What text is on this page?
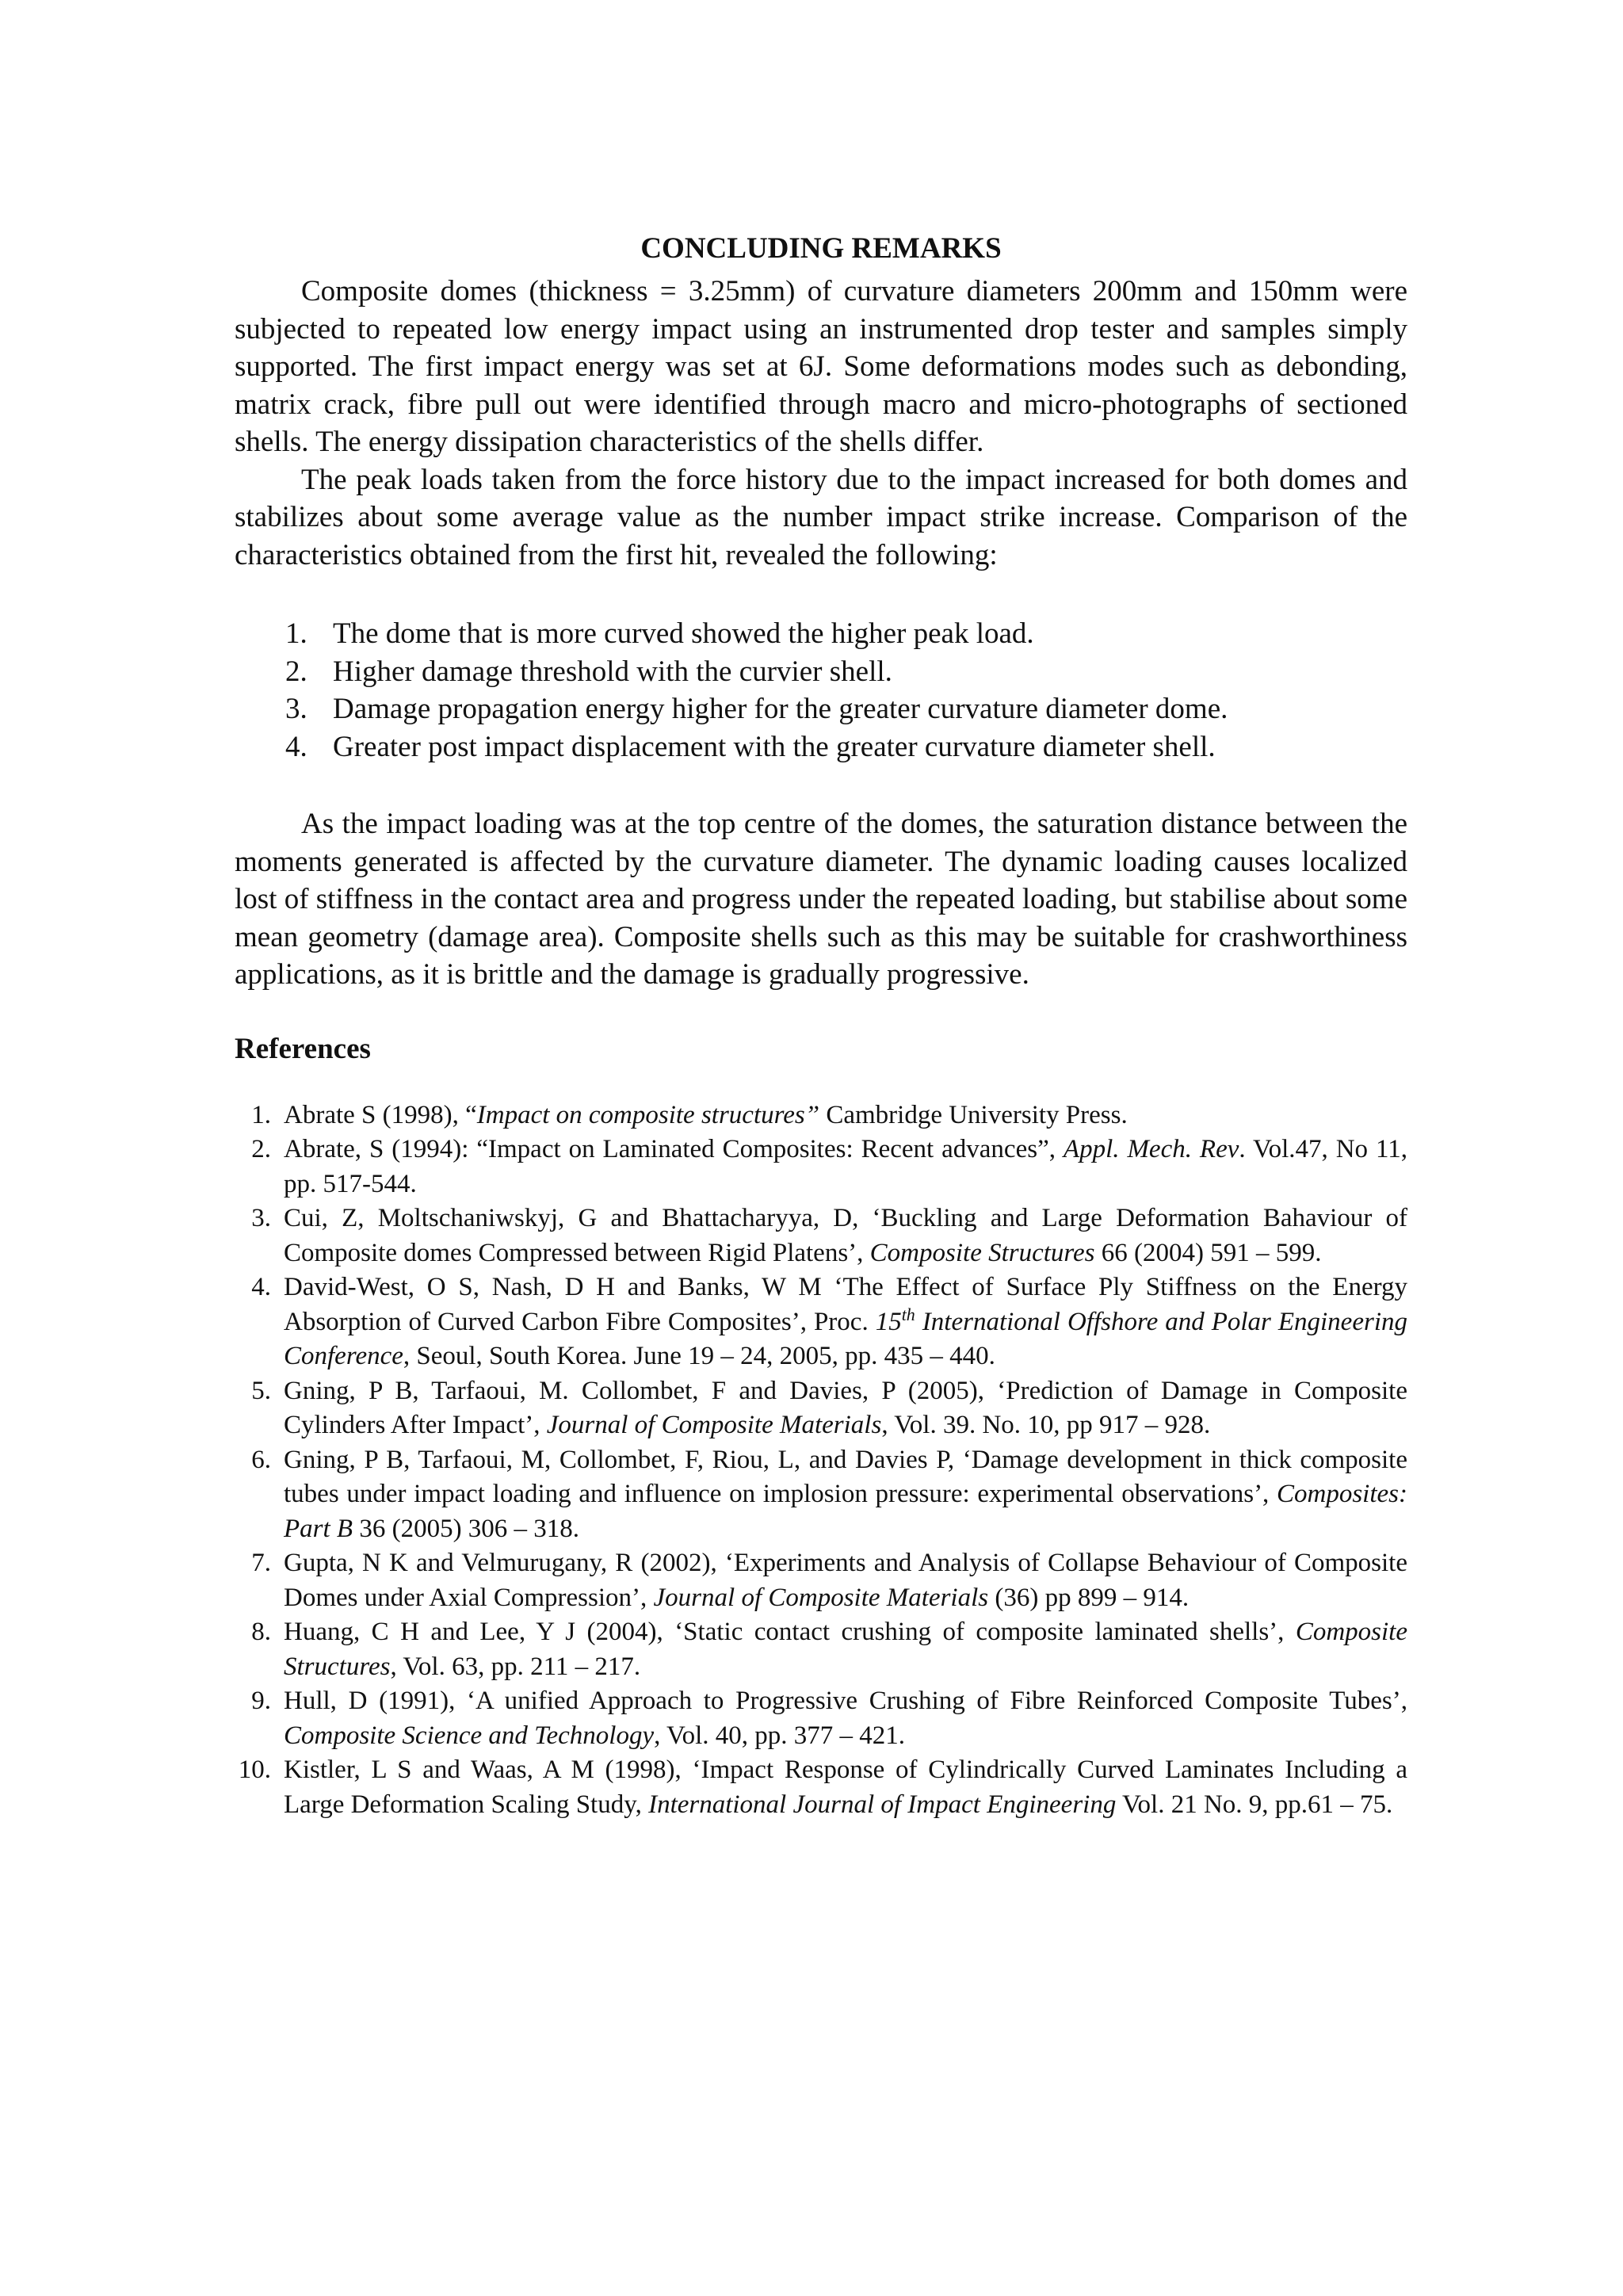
CONCLUDING REMARKS

Composite domes (thickness = 3.25mm) of curvature diameters 200mm and 150mm were subjected to repeated low energy impact using an instrumented drop tester and samples simply supported. The first impact energy was set at 6J. Some deformations modes such as debonding, matrix crack, fibre pull out were identified through macro and micro-photographs of sectioned shells. The energy dissipation characteristics of the shells differ.

The peak loads taken from the force history due to the impact increased for both domes and stabilizes about some average value as the number impact strike increase. Comparison of the characteristics obtained from the first hit, revealed the following:

1. The dome that is more curved showed the higher peak load.
2. Higher damage threshold with the curvier shell.
3. Damage propagation energy higher for the greater curvature diameter dome.
4. Greater post impact displacement with the greater curvature diameter shell.

As the impact loading was at the top centre of the domes, the saturation distance between the moments generated is affected by the curvature diameter. The dynamic loading causes localized lost of stiffness in the contact area and progress under the repeated loading, but stabilise about some mean geometry (damage area). Composite shells such as this may be suitable for crashworthiness applications, as it is brittle and the damage is gradually progressive.

References
1. Abrate S (1998), “Impact on composite structures” Cambridge University Press.
2. Abrate, S (1994): “Impact on Laminated Composites: Recent advances”, Appl. Mech. Rev. Vol.47, No 11, pp. 517-544.
3. Cui, Z, Moltschaniwskyj, G and Bhattacharyya, D, ‘Buckling and Large Deformation Bahaviour of Composite domes Compressed between Rigid Platens’, Composite Structures 66 (2004) 591 – 599.
4. David-West, O S, Nash, D H and Banks, W M ‘The Effect of Surface Ply Stiffness on the Energy Absorption of Curved Carbon Fibre Composites’, Proc. 15th International Offshore and Polar Engineering Conference, Seoul, South Korea. June 19 – 24, 2005, pp. 435 – 440.
5. Gning, P B, Tarfaoui, M. Collombet, F and Davies, P (2005), ‘Prediction of Damage in Composite Cylinders After Impact’, Journal of Composite Materials, Vol. 39. No. 10, pp 917 – 928.
6. Gning, P B, Tarfaoui, M, Collombet, F, Riou, L, and Davies P, ‘Damage development in thick composite tubes under impact loading and influence on implosion pressure: experimental observations’, Composites: Part B 36 (2005) 306 – 318.
7. Gupta, N K and Velmurugany, R (2002), ‘Experiments and Analysis of Collapse Behaviour of Composite Domes under Axial Compression’, Journal of Composite Materials (36) pp 899 – 914.
8. Huang, C H and Lee, Y J (2004), ‘Static contact crushing of composite laminated shells’, Composite Structures, Vol. 63, pp. 211 – 217.
9. Hull, D (1991), ‘A unified Approach to Progressive Crushing of Fibre Reinforced Composite Tubes’, Composite Science and Technology, Vol. 40, pp. 377 – 421.
10. Kistler, L S and Waas, A M (1998), ‘Impact Response of Cylindrically Curved Laminates Including a Large Deformation Scaling Study, International Journal of Impact Engineering Vol. 21 No. 9, pp.61 – 75.
